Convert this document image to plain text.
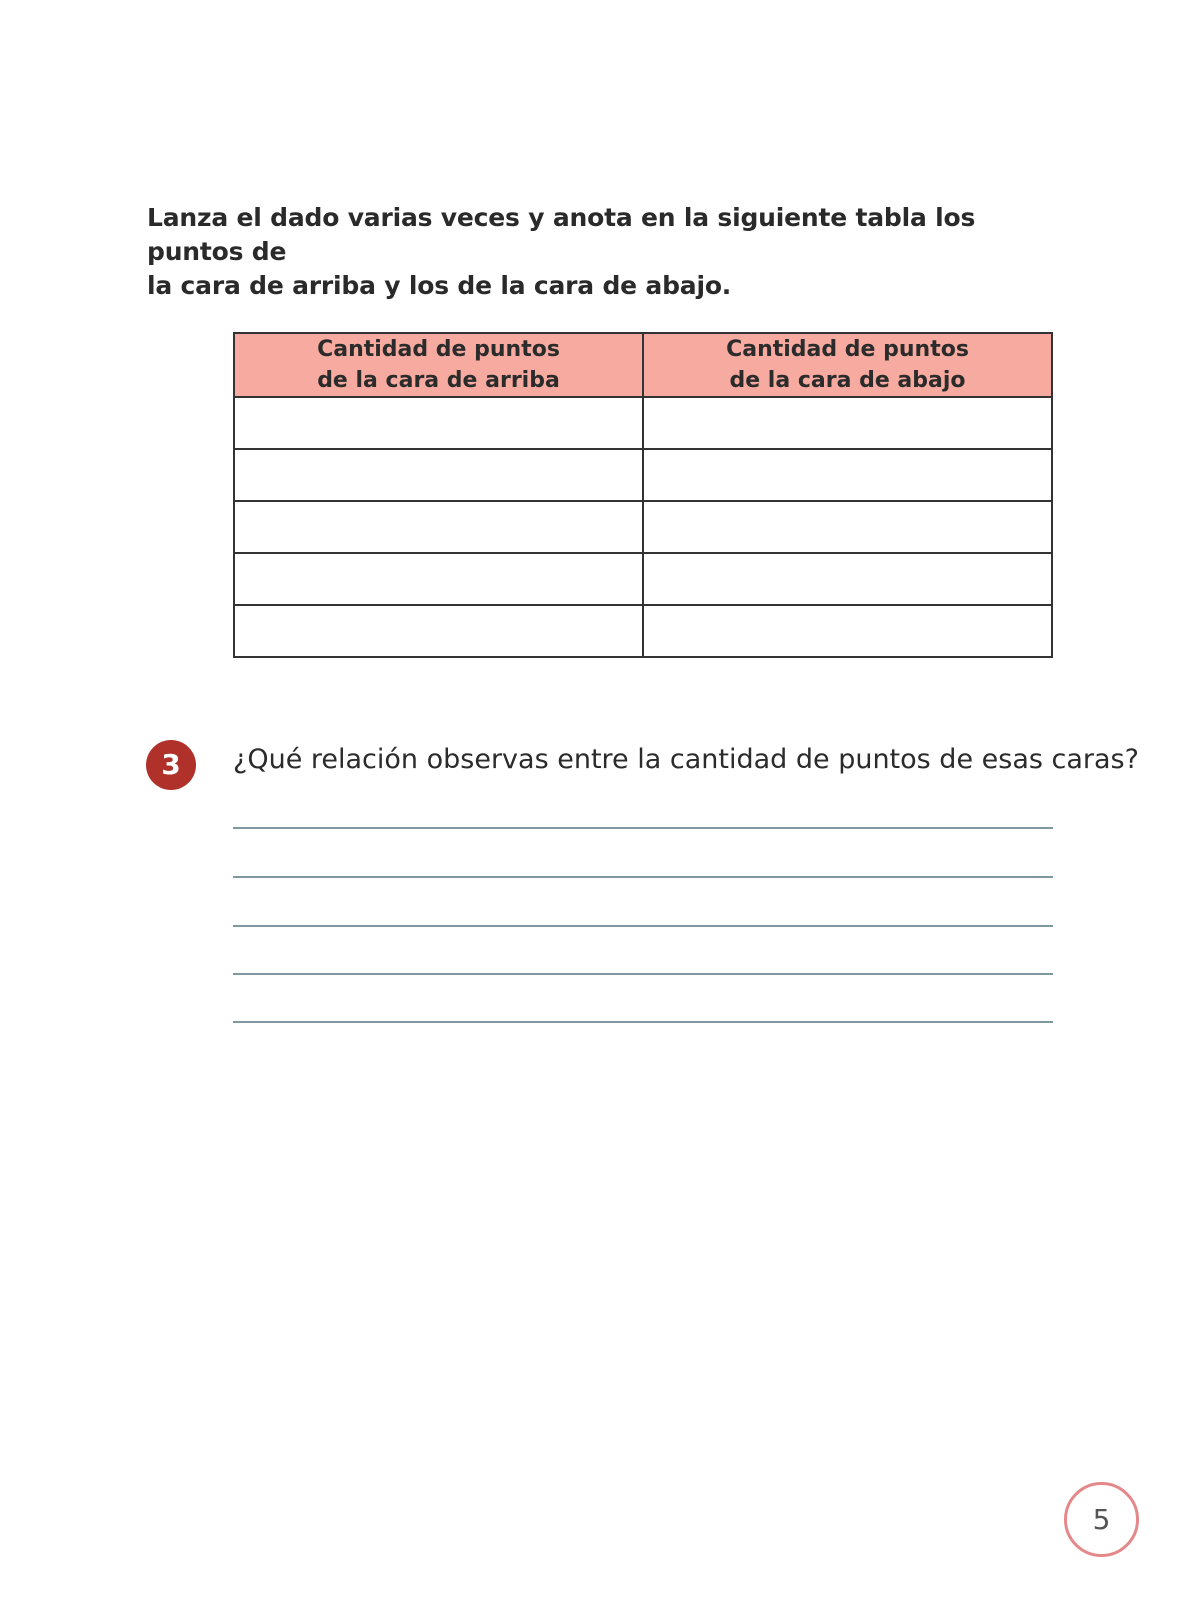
Lanza el dado varias veces y anota en la siguiente tabla los puntos de
la cara de arriba y los de la cara de abajo.
Cantidad de puntos
de la cara de arriba	Cantidad de puntos
de la cara de abajo

3	¿Qué relación observas entre la cantidad de puntos de esas caras?
5
